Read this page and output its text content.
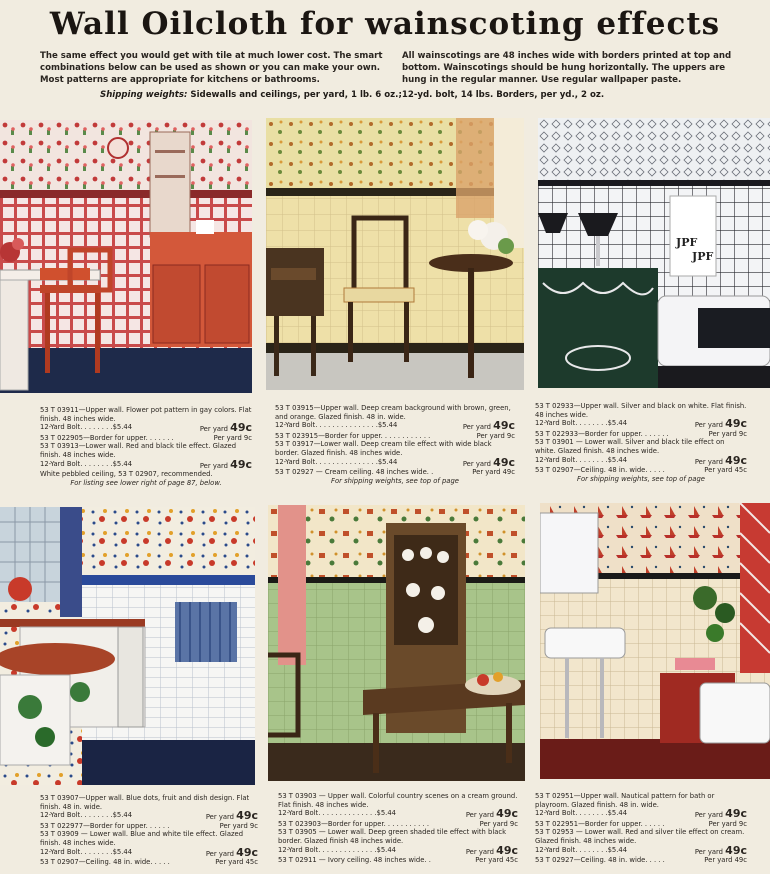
Wall Oilcloth for wainscoting effects
The same effect you would get with tile at much lower cost. The smart combinations below can be used as shown or you can make your own. Most patterns are appropriate for kitchens or bathrooms.
All wainscotings are 48 inches wide with borders printed at top and bottom. Wainscotings should be hung horizontally. The uppers are hung in the regular manner. Use regular wallpaper paste.
Shipping weights: Sidewalls and ceilings, per yard, 1 lb. 6 oz.;12-yd. bolt, 14 lbs. Borders, per yd., 2 oz.
JPF
JPF

53 T 03911—Upper wall. Flower pot pattern in gay colors. Flat finish. 48 inches wide.

12-Yard Bolt. . . . . . . .$5.44	Per yard 49c
53 T 022905—Border for upper. . . . . . .	Per yard 9c

53 T 03913—Lower wall. Red and black tile effect. Glazed finish. 48 inches wide.

12-Yard Bolt. . . . . . . .$5.44	Per yard 49c

White pebbled ceiling, 53 T 02907, recommended.

For listing see lower right of page 87, below.

53 T 03915—Upper wall. Deep cream background with brown, green, and orange. Glazed finish. 48 in. wide.

12-Yard Bolt. . . . . . . . . . . . . . .$5.44	Per yard 49c
53 T 023915—Border for upper. . . . . . . . . . . .	Per yard 9c

53 T 03917—Lower wall. Deep cream tile effect with wide black border. Glazed finish. 48 inches wide.

12-Yard Bolt. . . . . . . . . . . . . . .$5.44	Per yard 49c
53 T 02927 — Cream ceiling. 48 inches wide. .	Per yard 49c

For shipping weights, see top of page

53 T 02933—Upper wall. Silver and black on white. Flat finish. 48 inches wide.

12-Yard Bolt. . . . . . . .$5.44	Per yard 49c
53 T 022933—Border for upper. . . . . . .	Per yard 9c

53 T 03901 — Lower wall. Silver and black tile effect on white. Glazed finish. 48 inches wide.

12-Yard Bolt. . . . . . . .$5.44	Per yard 49c
53 T 02907—Ceiling. 48 in. wide. . . . .	Per yard 45c

For shipping weights, see top of page

53 T 03907—Upper wall. Blue dots, fruit and dish design. Flat finish. 48 in. wide.

12-Yard Bolt. . . . . . . .$5.44	Per yard 49c
53 T 022977—Border for upper. . . . . .	Per yard 9c

53 T 03909 — Lower wall. Blue and white tile effect. Glazed finish. 48 inches wide.

12-Yard Bolt. . . . . . . .$5.44	Per yard 49c
53 T 02907—Ceiling. 48 in. wide. . . . .	Per yard 45c

53 T 03903 — Upper wall. Colorful country scenes on a cream ground. Flat finish. 48 inches wide.

12-Yard Bolt. . . . . . . . . . . . . .$5.44	Per yard 49c
53 T 023903—Border for upper. . . . . . . . . . .	Per yard 9c

53 T 03905 — Lower wall. Deep green shaded tile effect with black border. Glazed finish 48 inches wide.

12-Yard Bolt. . . . . . . . . . . . . .$5.44	Per yard 49c
53 T 02911 — Ivory ceiling. 48 inches wide. .	Per yard 45c

53 T 02951—Upper wall. Nautical pattern for bath or playroom. Glazed finish. 48 in. wide.

12-Yard Bolt. . . . . . . .$5.44	Per yard 49c
53 T 022951—Border for upper. . . . . .	Per yard 9c

53 T 02953 — Lower wall. Red and silver tile effect on cream. Glazed finish. 48 inches wide.

12-Yard Bolt. . . . . . . .$5.44	Per yard 49c
53 T 02927—Ceiling. 48 in. wide. . . . .	Per yard 49c
